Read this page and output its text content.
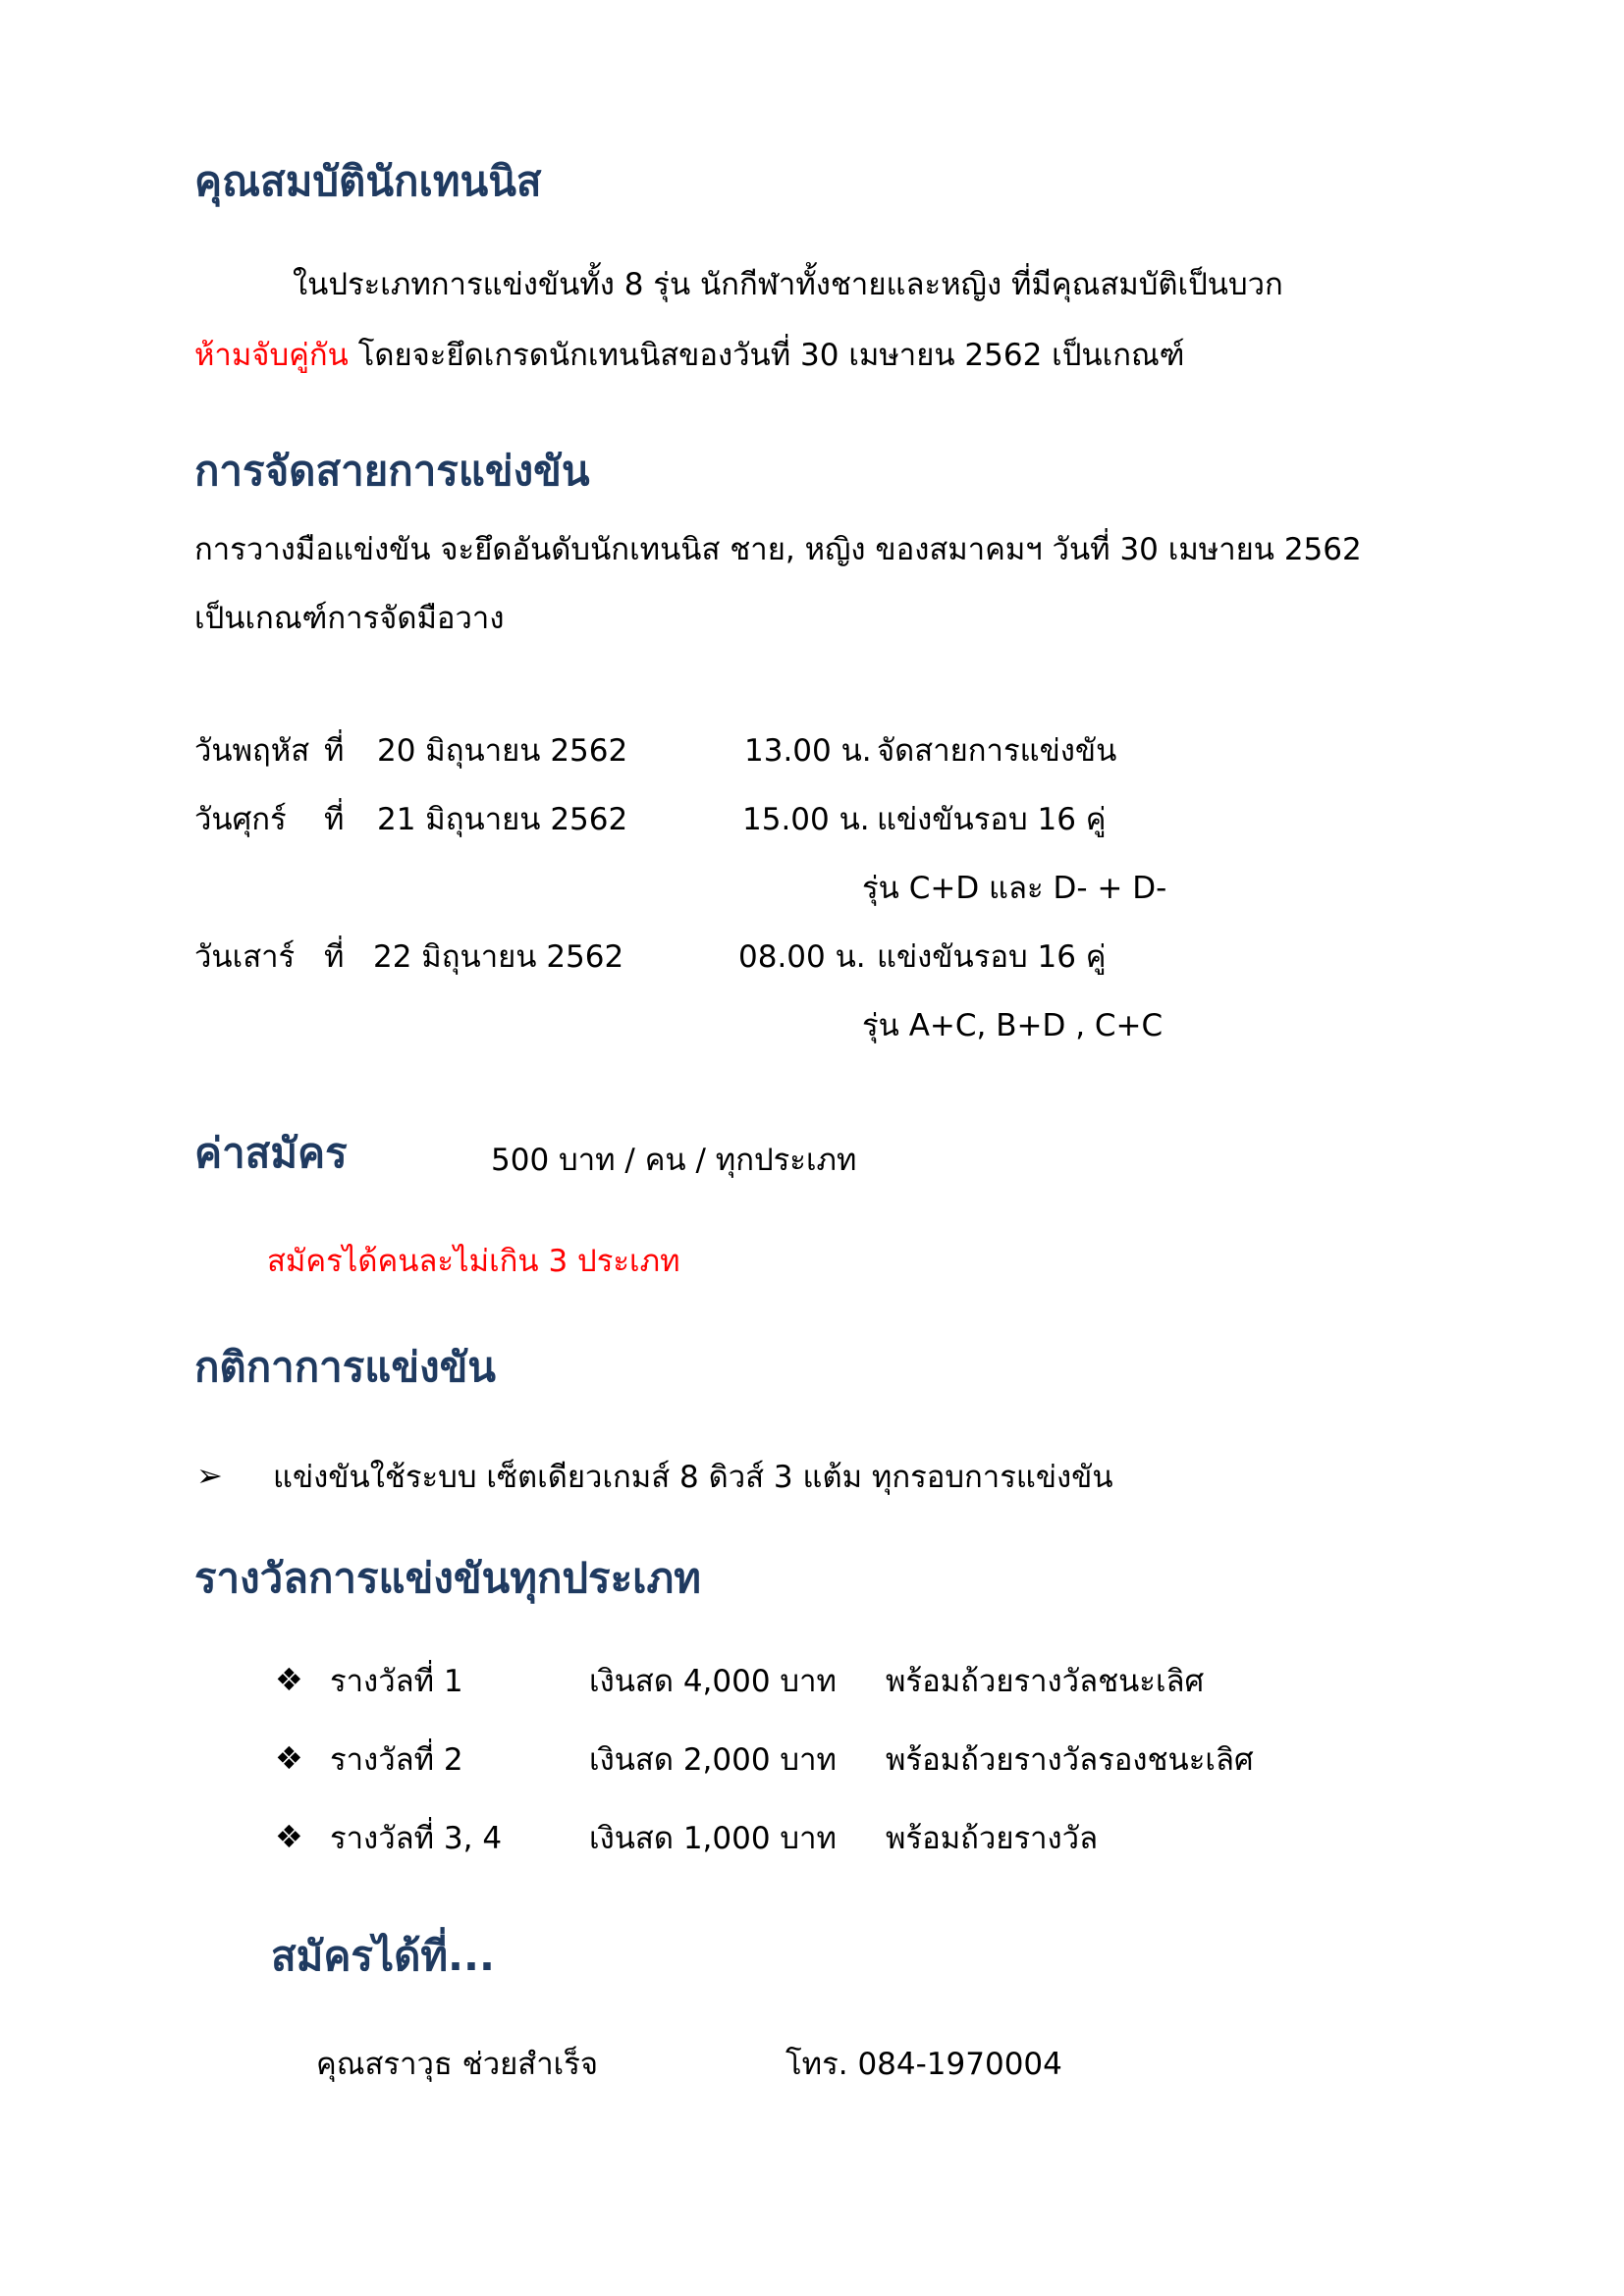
คุณสมบัตินักเทนนิส
ในประเภทการแข่งขันทั้ง 8 รุ่น นักกีฬาทั้งชายและหญิง ที่มีคุณสมบัติเป็นบวก
ห้ามจับคู่กัน โดยจะยึดเกรดนักเทนนิสของวันที่ 30 เมษายน 2562 เป็นเกณฑ์
การจัดสายการแข่งขัน
การวางมือแข่งขัน จะยึดอันดับนักเทนนิส ชาย, หญิง ของสมาคมฯ วันที่ 30 เมษายน 2562
เป็นเกณฑ์การจัดมือวาง
วันพฤหัส ที่ 20 มิถุนายน 2562	13.00 น. จัดสายการแข่งขัน
วันศุกร์ ที่ 21 มิถุนายน 2562	15.00 น. แข่งขันรอบ 16 คู่
รุ่น C+D และ D- + D-
วันเสาร์ ที่ 22 มิถุนายน 2562	08.00 น. แข่งขันรอบ 16 คู่
รุ่น A+C, B+D , C+C
ค่าสมัคร	500 บาท / คน / ทุกประเภท
สมัครได้คนละไม่เกิน 3 ประเภท
กติกาการแข่งขัน
➢ แข่งขันใช้ระบบ เซ็ตเดียวเกมส์ 8 ดิวส์ 3 แต้ม ทุกรอบการแข่งขัน
รางวัลการแข่งขันทุกประเภท
❖ รางวัลที่ 1	เงินสด 4,000 บาท พร้อมถ้วยรางวัลชนะเลิศ
❖ รางวัลที่ 2	เงินสด 2,000 บาท พร้อมถ้วยรางวัลรองชนะเลิศ
❖ รางวัลที่ 3, 4	เงินสด 1,000 บาท พร้อมถ้วยรางวัล
สมัครได้ที่...
คุณสราวุธ ช่วยสำเร็จ	โทร. 084-1970004
